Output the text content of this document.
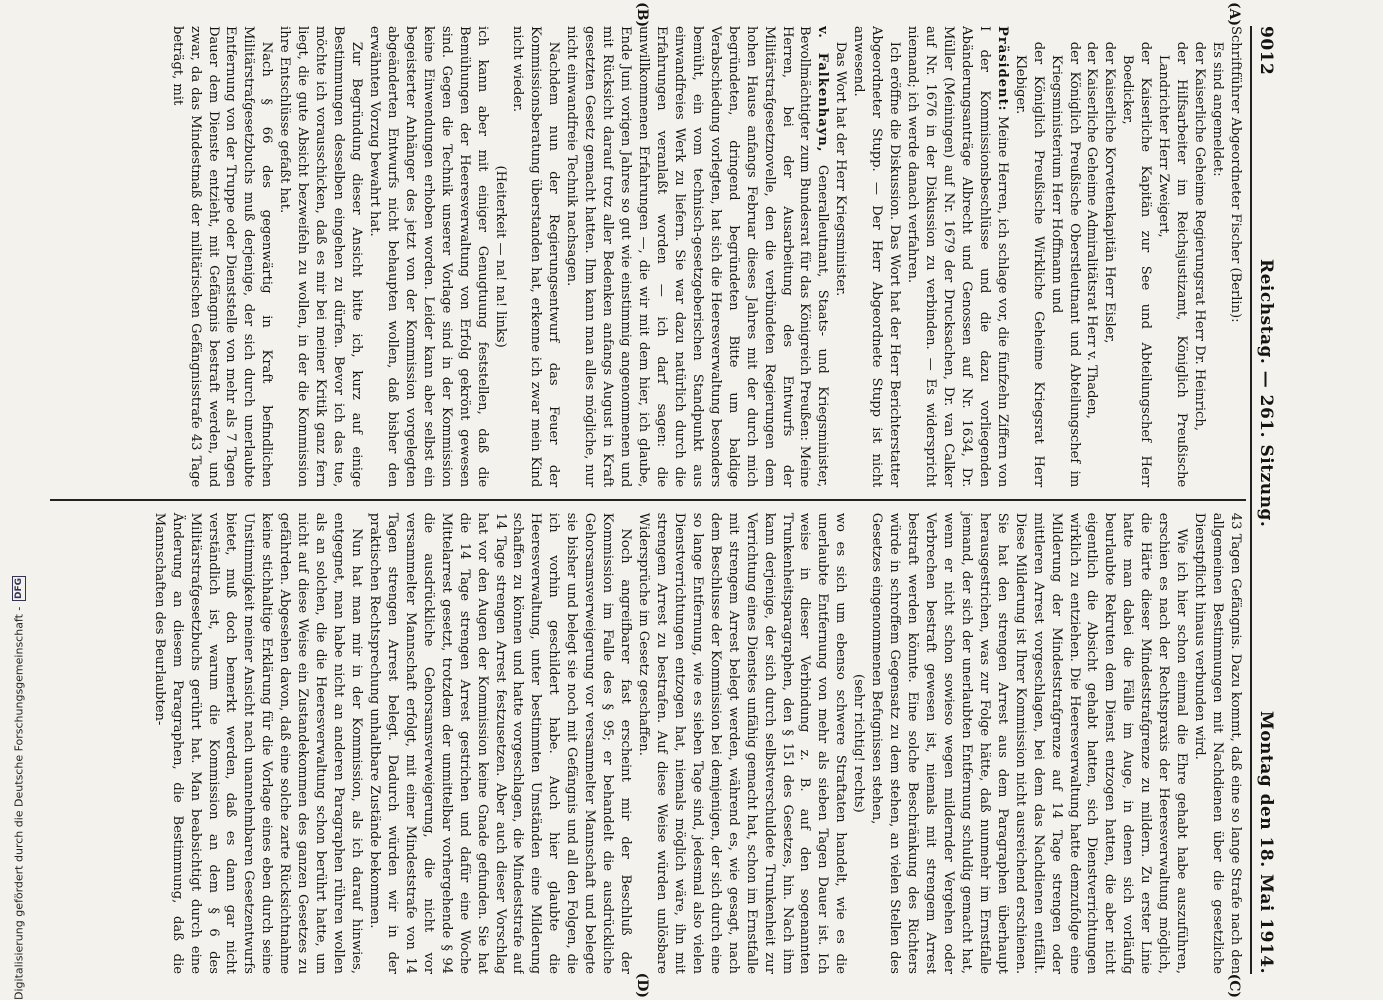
9012
Reichstag. — 261. Sitzung.
Montag den 18. Mai 1914.

Schriftführer Abgeordneter Fischer (Berlin):

Es sind angemeldet:

der Kaiserliche Geheime Regierungsrat Herr Dr. Heinrich,

der Hilfsarbeiter im Reichsjustizamt, Königlich Preußische Landrichter Herr Zweigert,

der Kaiserliche Kapitän zur See und Abteilungschef Herr Boedicker,

der Kaiserliche Korvettenkapitän Herr Eisler,

der Kaiserliche Geheime Admiralitätsrat Herr v. Thaden,

der Königlich Preußische Oberstleutnant und Abteilungschef im Kriegsministerium Herr Hoffmann und

der Königlich Preußische Wirkliche Geheime Kriegsrat Herr Klebiger.

Präsident: Meine Herren, ich schlage vor, die fünfzehn Ziffern von I der Kommissionsbeschlüsse und die dazu vorliegenden Abänderungsanträge Albrecht und Genossen auf Nr. 1634, Dr. Müller (Meiningen) auf Nr. 1679 der Drucksachen, Dr. van Calker auf Nr. 1676 in der Diskussion zu verbinden. — Es widerspricht niemand; ich werde danach verfahren.

Ich eröffne die Diskussion. Das Wort hat der Herr Berichterstatter Abgeordneter Stupp. — Der Herr Abgeordnete Stupp ist nicht anwesend.

Das Wort hat der Herr Kriegsminister.

v. Falkenhayn, Generalleutnant, Staats- und Kriegsminister, Bevollmächtigter zum Bundesrat für das Königreich Preußen: Meine Herren, bei der Ausarbeitung des Entwurfs der Militärstrafgesetznovelle, den die verbündeten Regierungen dem hohen Hause anfangs Februar dieses Jahres mit der durch mich begründeten, dringend begründeten Bitte um baldige Verabschiedung vorlegten, hat sich die Heeresverwaltung besonders bemüht, ein vom technisch-gesetzgeberischen Standpunkt aus einwandfreies Werk zu liefern. Sie war dazu natürlich durch die Erfahrungen veranlaßt worden — ich darf sagen: die unwillkommenen Erfahrungen —, die wir mit dem hier, ich glaube, Ende Juni vorigen Jahres so gut wie einstimmig angenommenen und mit Rücksicht darauf trotz aller Bedenken anfangs August in Kraft gesetzten Gesetz gemacht hatten. Ihm kann man alles mögliche, nur nicht einwandfreie Technik nachsagen.

Nachdem nun der Regierungsentwurf das Feuer der Kommissionsberatung überstanden hat, erkenne ich zwar mein Kind nicht wieder.

(Heiterkeit — na! na! links)

ich kann aber mit einiger Genugtuung feststellen, daß die Bemühungen der Heeresverwaltung von Erfolg gekrönt gewesen sind. Gegen die Technik unserer Vorlage sind in der Kommission keine Einwendungen erhoben worden. Leider kann aber selbst ein begeisterter Anhänger des jetzt von der Kommission vorgelegten abgeänderten Entwurfs nicht behaupten wollen, daß bisher den erwähnten Vorzug bewahrt hat.

Zur Begründung dieser Ansicht bitte ich, kurz auf einige Bestimmungen desselben eingehen zu dürfen. Bevor ich das tue, möchte ich vorausschicken, daß es mir bei meiner Kritik ganz fern liegt, die gute Absicht bezweifeln zu wollen, in der die Kommission ihre Entschlüsse gefaßt hat.

Nach § 66 des gegenwärtig in Kraft befindlichen Militärstrafgesetzbuchs muß derjenige, der sich durch unerlaubte Entfernung von der Truppe oder Dienststelle von mehr als 7 Tagen Dauer dem Dienste entzieht, mit Gefängnis bestraft werden, und zwar, da das Mindestmaß der militärischen Gefängnisstrafe 43 Tage beträgt, mit

43 Tagen Gefängnis. Dazu kommt, daß eine so lange Strafe nach den allgemeinen Bestimmungen mit Nachdienen über die gesetzliche Dienstpflicht hinaus verbunden wird.

Wie ich hier schon einmal die Ehre gehabt habe auszuführen, erschien es nach der Rechtspraxis der Heeresverwaltung möglich, die Härte dieser Mindeststrafgrenze zu mildern. Zu erster Linie hatte man dabei die Fälle im Auge, in denen sich vorläufig beurlaubte Rekruten dem Dienst entzogen hatten, die aber nicht eigentlich die Absicht gehabt hatten, sich Dienstverrichtungen wirklich zu entziehen. Die Heeresverwaltung hatte demzufolge eine Milderung der Mindeststrafgrenze auf 14 Tage strengen oder mittleren Arrest vorgeschlagen, bei dem das Nachdienen entfällt. Diese Milderung ist Ihrer Kommission nicht ausreichend erschienen. Sie hat den strengen Arrest aus dem Paragraphen überhaupt herausgestrichen, was zur Folge hätte, daß nunmehr im Ernstfalle jemand, der sich der unerlaubten Entfernung schuldig gemacht hat, wenn er nicht schon sowieso wegen mildernder Vergehen oder Verbrechen bestraft gewesen ist, niemals mit strengem Arrest bestraft werden könnte. Eine solche Beschränkung des Richters würde in schroffem Gegensatz zu dem stehen, an vielen Stellen des Gesetzes eingenommenen Befugnissen stehen,

(sehr richtig! rechts)

wo es sich um ebenso schwere Straftaten handelt, wie es die unerlaubte Entfernung von mehr als sieben Tagen Dauer ist. Ich weise in dieser Verbindung z. B. auf den sogenannten Trunkenheitsparagraphen, den § 151 des Gesetzes, hin. Nach ihm kann derjenige, der sich durch selbstverschuldete Trunkenheit zur Verrichtung eines Dienstes unfähig gemacht hat, schon im Ernstfalle mit strengem Arrest belegt werden, während es, wie gesagt, nach dem Beschlusse der Kommission bei demjenigen, der sich durch eine so lange Entfernung, wie es sieben Tage sind, jedesmal also vielen Dienstverrichtungen entzogen hat, niemals möglich wäre, ihn mit strengem Arrest zu bestrafen. Auf diese Weise würden unlösbare Widersprüche im Gesetz geschaffen.

Noch angreifbarer fast erscheint mir der Beschluß der Kommission im Falle des § 95; er behandelt die ausdrückliche Gehorsamsverweigerung vor versammelter Mannschaft und belegte sie bisher und belegt sie noch mit Gefängnis und all den Folgen, die ich vorhin geschildert habe. Auch hier glaubte die Heeresverwaltung, unter bestimmten Umständen eine Milderung schaffen zu können und hatte vorgeschlagen, die Mindeststrafe auf 14 Tage strengen Arrest festzusetzen. Aber auch dieser Vorschlag hat vor den Augen der Kommission keine Gnade gefunden. Sie hat die 14 Tage strengen Arrest gestrichen und dafür eine Woche Mittelarrest gesetzt, trotzdem der unmittelbar vorhergehende § 94 die ausdrückliche Gehorsamsverweigerung, die nicht vor versammelter Mannschaft erfolgt, mit einer Mindeststrafe von 14 Tagen strengen Arrest belegt. Dadurch würden wir in der praktischen Rechtsprechung unhaltbare Zustände bekommen.

Nun hat man mir in der Kommission, als ich darauf hinwies, entgegnet, man habe nicht an anderen Paragraphen rühren wollen als an solchen, die die Heeresverwaltung schon berührt hatte, um nicht auf diese Weise ein Zustandekommen des ganzen Gesetzes zu gefährden. Abgesehen davon, daß eine solche zarte Rücksichtnahme keine stichhaltige Erklärung für die Vorlage eines eben durch seine Unstimmigkeit meiner Ansicht nach unannehmbaren Gesetzentwurfs bietet, muß doch bemerkt werden, daß es dann gar nicht verständlich ist, warum die Kommission an dem § 6 des Militärstrafgesetzbuchs gerührt hat. Man beabsichtigt durch eine Änderung an diesem Paragraphen, die Bestimmung, daß die Mannschaften des Beurlaubten-

(A)
(B)
(C)
(D)
Digitalisierung gefördert durch die Deutsche Forschungsgemeinschaft -
DFG
